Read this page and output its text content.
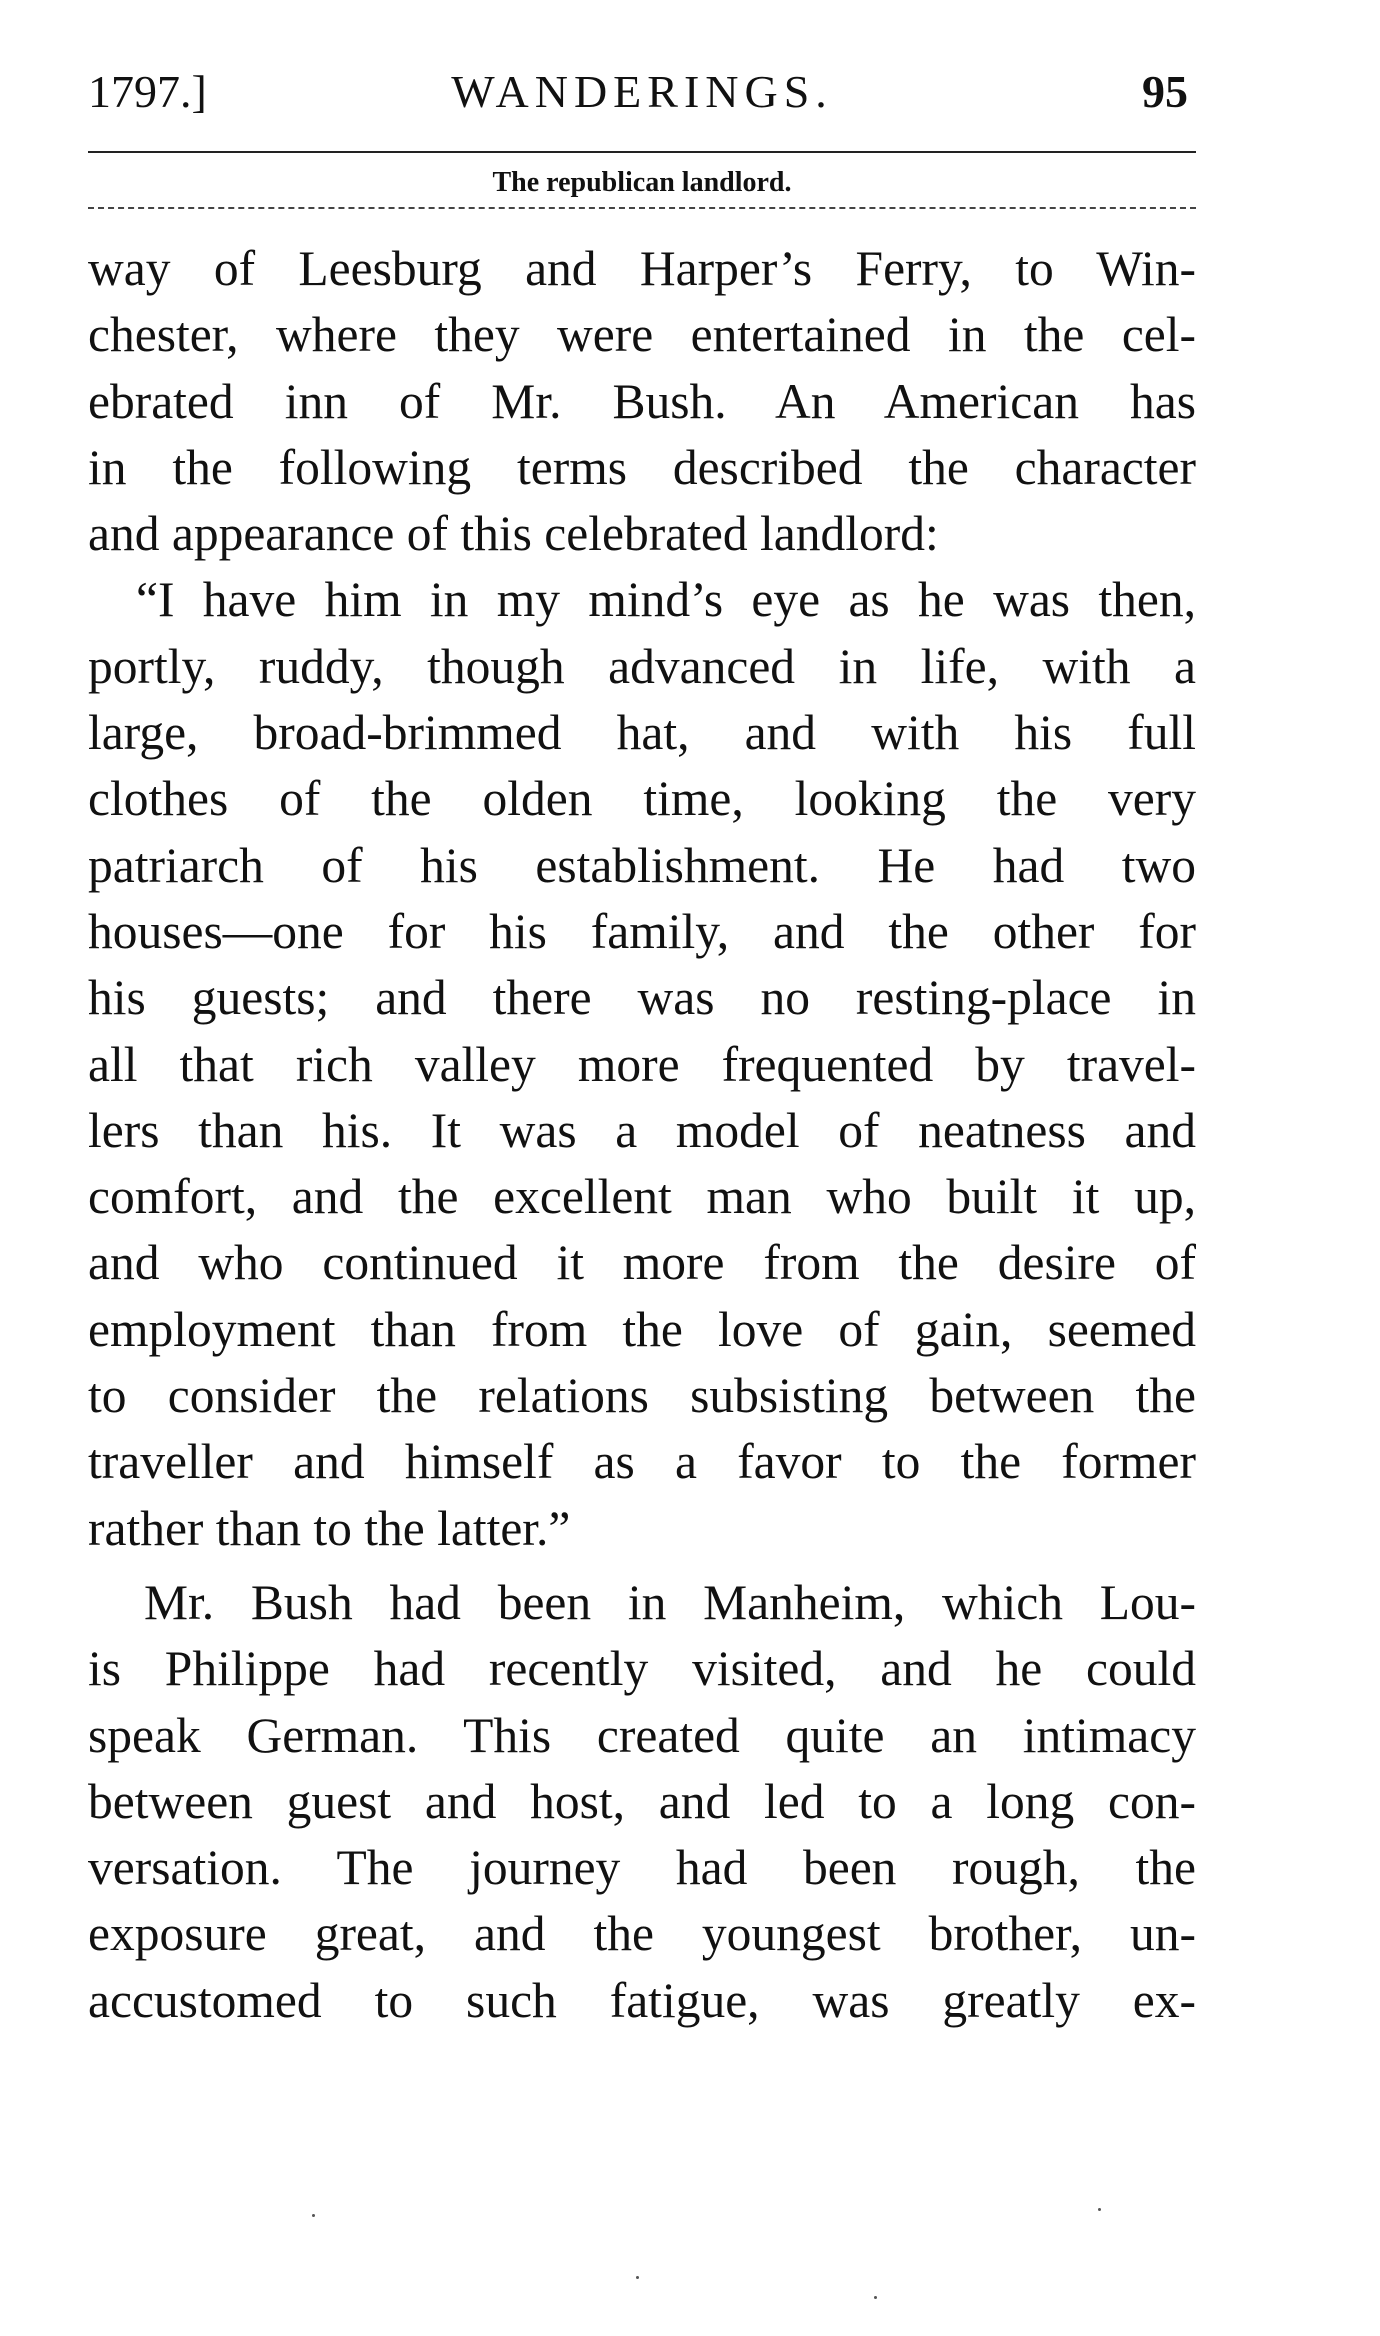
1797.]	WANDERINGS.	95
The republican landlord.
way of Leesburg and Harper’s Ferry, to Win-
chester, where they were entertained in the cel-
ebrated inn of Mr. Bush. An American has
in the following terms described the character
and appearance of this celebrated landlord:
“I have him in my mind’s eye as he was then,
portly, ruddy, though advanced in life, with a
large, broad-brimmed hat, and with his full
clothes of the olden time, looking the very
patriarch of his establishment. He had two
houses—one for his family, and the other for
his guests; and there was no resting-place in
all that rich valley more frequented by travel-
lers than his. It was a model of neatness and
comfort, and the excellent man who built it up,
and who continued it more from the desire of
employment than from the love of gain, seemed
to consider the relations subsisting between the
traveller and himself as a favor to the former
rather than to the latter.”
Mr. Bush had been in Manheim, which Lou-
is Philippe had recently visited, and he could
speak German. This created quite an intimacy
between guest and host, and led to a long con-
versation. The journey had been rough, the
exposure great, and the youngest brother, un-
accustomed to such fatigue, was greatly ex-
